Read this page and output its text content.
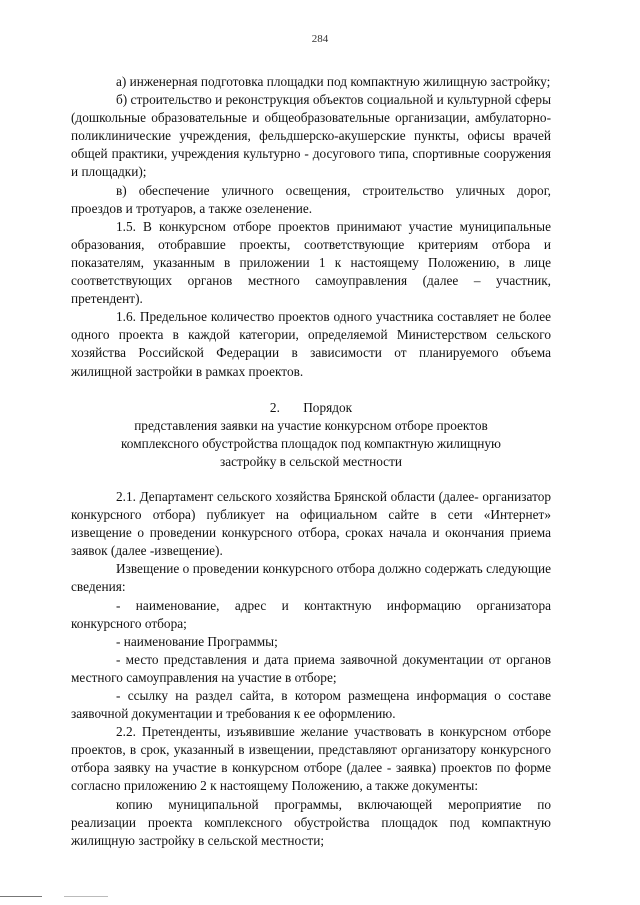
284

а) инженерная подготовка площадки под компактную жилищную застройку;

б) строительство и реконструкция объектов социальной и культурной сферы (дошкольные образовательные и общеобразовательные организации, амбулаторно-поликлинические учреждения, фельдшерско-акушерские пункты, офисы врачей общей практики, учреждения культурно - досугового типа, спортивные сооружения и площадки);

в) обеспечение уличного освещения, строительство уличных дорог, проездов и тротуаров, а также озеленение.

1.5. В конкурсном отборе проектов принимают участие муниципальные образования, отобравшие проекты, соответствующие критериям отбора и показателям, указанным в приложении 1 к настоящему Положению, в лице соответствующих органов местного самоуправления (далее – участник, претендент).

1.6. Предельное количество проектов одного участника составляет не более одного проекта в каждой категории, определяемой Министерством сельского хозяйства Российской Федерации в зависимости от планируемого объема жилищной застройки в рамках проектов.

2. Порядок
представления заявки на участие конкурсном отборе проектов комплексного обустройства площадок под компактную жилищную застройку в сельской местности

2.1. Департамент сельского хозяйства Брянской области (далее- организатор конкурсного отбора) публикует на официальном сайте в сети «Интернет» извещение о проведении конкурсного отбора, сроках начала и окончания приема заявок (далее -извещение).

Извещение о проведении конкурсного отбора должно содержать следующие сведения:

- наименование, адрес и контактную информацию организатора конкурсного отбора;

- наименование Программы;

- место представления и дата приема заявочной документации от органов местного самоуправления на участие в отборе;

- ссылку на раздел сайта, в котором размещена информация о составе заявочной документации и требования к ее оформлению.

2.2. Претенденты, изъявившие желание участвовать в конкурсном отборе проектов, в срок, указанный в извещении, представляют организатору конкурсного отбора заявку на участие в конкурсном отборе (далее - заявка) проектов по форме согласно приложению 2 к настоящему Положению, а также документы:

копию муниципальной программы, включающей мероприятие по реализации проекта комплексного обустройства площадок под компактную жилищную застройку в сельской местности;
